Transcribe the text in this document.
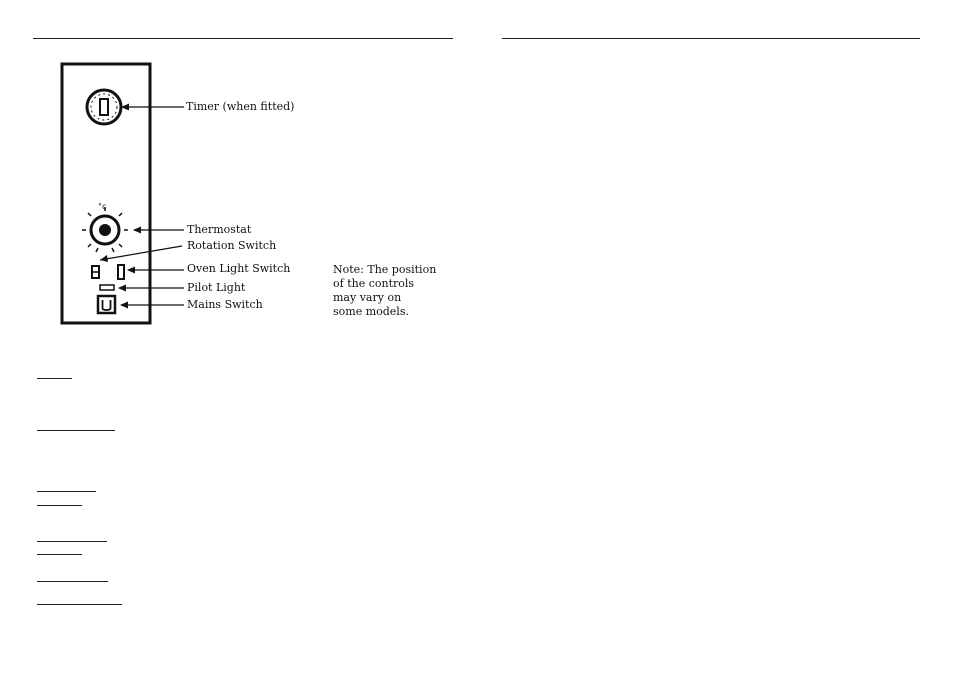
Timer (when fitted)
°c
Thermostat
Rotation Switch
Oven Light Switch
Pilot Light
Mains Switch
Note: The position
of the controls
may vary on
some models.
